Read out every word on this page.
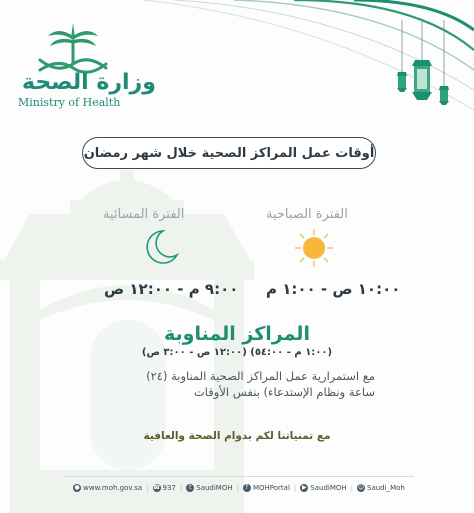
وزارة الصحة
Ministry of Health
أوقات عمل المراكز الصحية خلال شهر رمضان
الفترة الصباحية
١٠:٠٠ ص - ١:٠٠ م
الفترة المسائية
٩:٠٠ م - ١٢:٠٠ ص
المراكز المناوبة
(١:٠٠ م - ٥٤:٠٠) (١٢:٠٠ ص - ٣:٠٠ ص)
مع استمرارية عمل المراكز الصحية المناوبة (٢٤) ساعة ونظام الإستدعاء) بنفس الأوقات
مع تمنياتنا لكم بدوام الصحة والعافية
● www.moh.gov.sa | ☎ 937 |	t SaudiMOH |	f MOHPortal | ▶ SaudiMOH | ☺ Saudi_Moh
